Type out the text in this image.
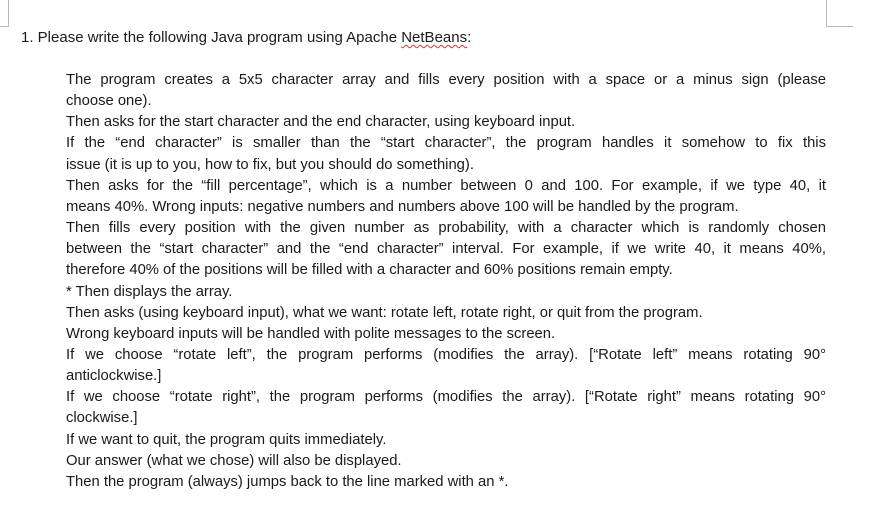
1. Please write the following Java program using Apache NetBeans:
The program creates a 5x5 character array and fills every position with a space or a minus sign (please
choose one).
Then asks for the start character and the end character, using keyboard input.
If the “end character” is smaller than the “start character”, the program handles it somehow to fix this
issue (it is up to you, how to fix, but you should do something).
Then asks for the “fill percentage”, which is a number between 0 and 100. For example, if we type 40, it
means 40%. Wrong inputs: negative numbers and numbers above 100 will be handled by the program.
Then fills every position with the given number as probability, with a character which is randomly chosen
between the “start character” and the “end character” interval. For example, if we write 40, it means 40%,
therefore 40% of the positions will be filled with a character and 60% positions remain empty.
* Then displays the array.
Then asks (using keyboard input), what we want: rotate left, rotate right, or quit from the program.
Wrong keyboard inputs will be handled with polite messages to the screen.
If we choose “rotate left”, the program performs (modifies the array). [“Rotate left” means rotating 90°
anticlockwise.]
If we choose “rotate right”, the program performs (modifies the array). [“Rotate right” means rotating 90°
clockwise.]
If we want to quit, the program quits immediately.
Our answer (what we chose) will also be displayed.
Then the program (always) jumps back to the line marked with an *.
